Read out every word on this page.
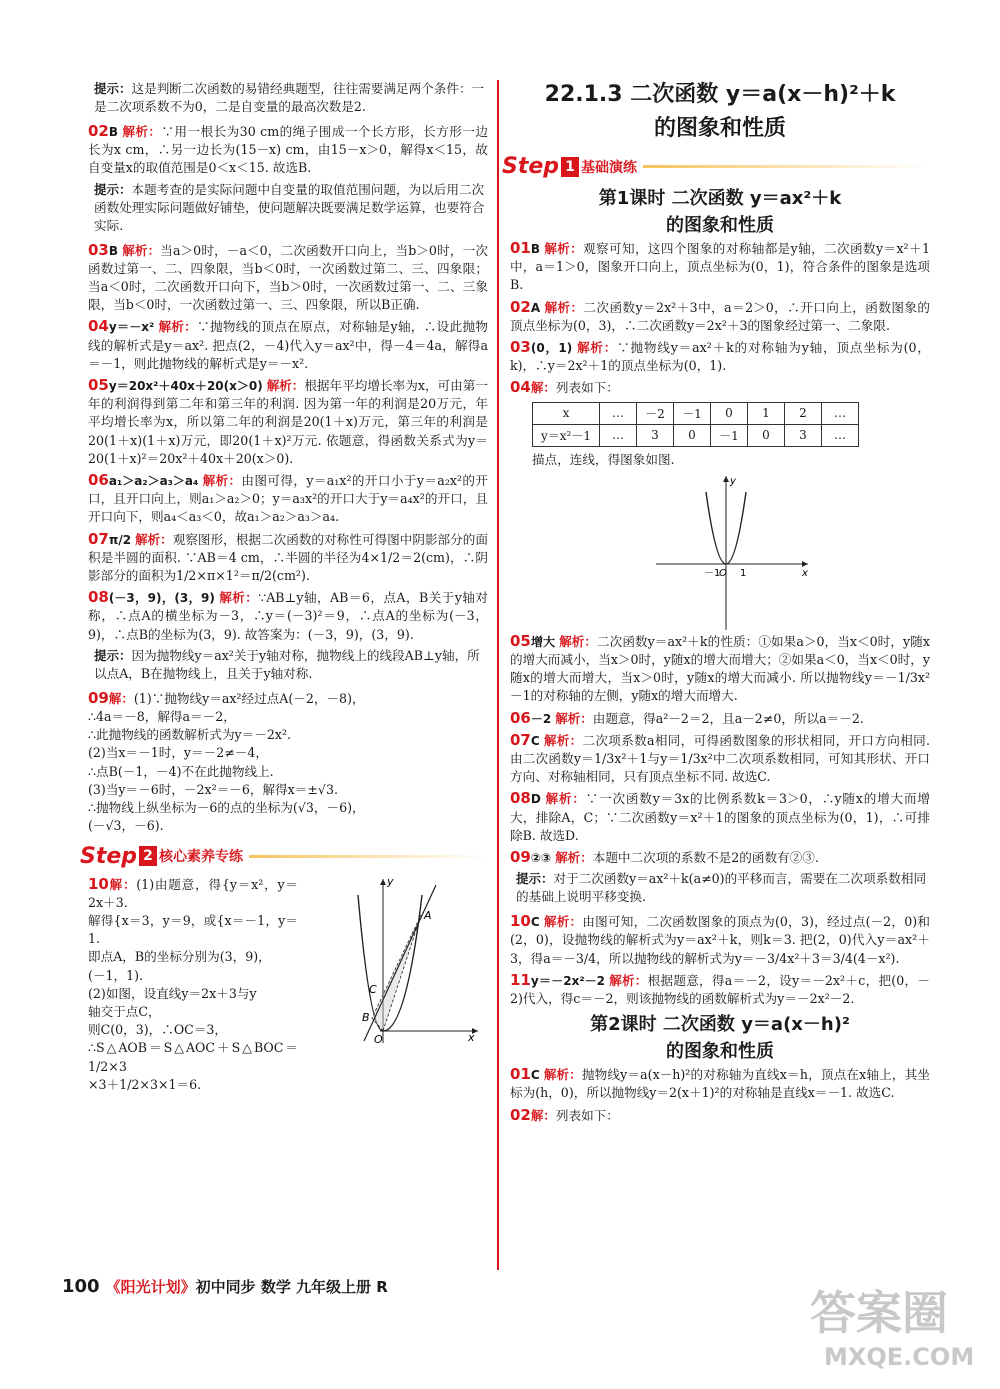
提示：这是判断二次函数的易错经典题型，往往需要满足两个条件：一是二次项系数不为0，二是自变量的最高次数是2.

02B 解析：∵用一根长为30 cm的绳子围成一个长方形，长方形一边长为x cm，∴另一边长为(15－x) cm，由15－x＞0，解得x＜15，故自变量x的取值范围是0＜x＜15. 故选B.

提示：本题考查的是实际问题中自变量的取值范围问题，为以后用二次函数处理实际问题做好铺垫，使问题解决既要满足数学运算，也要符合实际.

03B 解析：当a＞0时，－a＜0，二次函数开口向上，当b＞0时，一次函数过第一、二、四象限，当b＜0时，一次函数过第二、三、四象限；当a＜0时，二次函数开口向下，当b＞0时，一次函数过第一、二、三象限，当b＜0时，一次函数过第一、三、四象限，所以B正确.

04y＝－x² 解析：∵抛物线的顶点在原点，对称轴是y轴，∴设此抛物线的解析式是y＝ax². 把点(2，－4)代入y＝ax²中，得－4＝4a，解得a＝－1，则此抛物线的解析式是y＝－x².

05y＝20x²＋40x＋20(x＞0) 解析：根据年平均增长率为x，可由第一年的利润得到第二年和第三年的利润. 因为第一年的利润是20万元，年平均增长率为x，所以第二年的利润是20(1＋x)万元，第三年的利润是20(1＋x)(1＋x)万元，即20(1＋x)²万元. 依题意，得函数关系式为y＝20(1＋x)²＝20x²＋40x＋20(x＞0).

06a₁＞a₂＞a₃＞a₄ 解析：由图可得，y＝a₁x²的开口小于y＝a₂x²的开口，且开口向上，则a₁＞a₂＞0；y＝a₃x²的开口大于y＝a₄x²的开口，且开口向下，则a₄＜a₃＜0，故a₁＞a₂＞a₃＞a₄.

07π/2 解析：观察图形，根据二次函数的对称性可得图中阴影部分的面积是半圆的面积. ∵AB＝4 cm，∴半圆的半径为4×1/2＝2(cm)，∴阴影部分的面积为1/2×π×1²＝π/2(cm²).

08(－3，9)，(3，9) 解析：∵AB⊥y轴，AB＝6，点A，B关于y轴对称，∴点A的横坐标为－3，∴y＝(－3)²＝9，∴点A的坐标为(－3，9)，∴点B的坐标为(3，9). 故答案为：(－3，9)，(3，9).

提示：因为抛物线y＝ax²关于y轴对称，抛物线上的线段AB⊥y轴，所以点A，B在抛物线上，且关于y轴对称.

09解：(1)∵抛物线y＝ax²经过点A(－2，－8)，
∴4a＝－8，解得a＝－2，
∴此抛物线的函数解析式为y＝－2x².
(2)当x＝－1时，y＝－2≠－4，
∴点B(－1，－4)不在此抛物线上.
(3)当y＝－6时，－2x²＝－6，解得x＝±√3.
∴抛物线上纵坐标为－6的点的坐标为(√3，－6)，
(－√3，－6).
Step 2 核心素养专练
10解：(1)由题意，得{y＝x²，y＝2x＋3.
解得{x＝3，y＝9，或{x＝－1，y＝1.
即点A，B的坐标分别为(3，9)，
(－1，1).
(2)如图，设直线y＝2x＋3与y
轴交于点C，
则C(0，3)，∴OC＝3，
∴S△AOB＝S△AOC＋S△BOC＝1/2×3
×3＋1/2×3×1＝6.
A
B
C
O	x
y
22.1.3 二次函数 y＝a(x－h)²＋k
的图象和性质
Step 1 基础演练
第1课时 二次函数 y＝ax²＋k
的图象和性质

01B 解析：观察可知，这四个图象的对称轴都是y轴，二次函数y＝x²＋1中，a＝1＞0，图象开口向上，顶点坐标为(0，1)，符合条件的图象是选项B.

02A 解析：二次函数y＝2x²＋3中，a＝2＞0，∴开口向上，函数图象的顶点坐标为(0，3)，∴二次函数y＝2x²＋3的图象经过第一、二象限.

03(0，1) 解析：∵抛物线y＝ax²＋k的对称轴为y轴，顶点坐标为(0，k)，∴y＝2x²＋1的顶点坐标为(0，1).

04解：列表如下：

x	…	－2	－1	0	1	2	…
y＝x²－1	…	3	0	－1	0	3	…

描点，连线，得图象如图.

－1
O 1	x
y

05增大 解析：二次函数y＝ax²＋k的性质：①如果a＞0，当x＜0时，y随x的增大而减小，当x＞0时，y随x的增大而增大；②如果a＜0，当x＜0时，y随x的增大而增大，当x＞0时，y随x的增大而减小. 所以抛物线y＝－1/3x²－1的对称轴的左侧，y随x的增大而增大.

06－2 解析：由题意，得a²－2＝2，且a－2≠0，所以a＝－2.

07C 解析：二次项系数a相同，可得函数图象的形状相同，开口方向相同. 由二次函数y＝1/3x²＋1与y＝1/3x²中二次项系数相同，可知其形状、开口方向、对称轴相同，只有顶点坐标不同. 故选C.

08D 解析：∵一次函数y＝3x的比例系数k＝3＞0，∴y随x的增大而增大，排除A，C；∵二次函数y＝x²＋1的图象的顶点坐标为(0，1)，∴可排除B. 故选D.

09②③ 解析：本题中二次项的系数不是2的函数有②③.

提示：对于二次函数y＝ax²＋k(a≠0)的平移而言，需要在二次项系数相同的基础上说明平移变换.

10C 解析：由图可知，二次函数图象的顶点为(0，3)，经过点(－2，0)和(2，0)，设抛物线的解析式为y＝ax²＋k，则k＝3. 把(2，0)代入y＝ax²＋3，得a＝－3/4，所以抛物线的解析式为y＝－3/4x²＋3＝3/4(4－x²).

11y＝－2x²－2 解析：根据题意，得a＝－2，设y＝－2x²＋c，把(0，－2)代入，得c＝－2，则该抛物线的函数解析式为y＝－2x²－2.

第2课时 二次函数 y＝a(x－h)²
的图象和性质

01C 解析：抛物线y＝a(x－h)²的对称轴为直线x＝h，顶点在x轴上，其坐标为(h，0)，所以抛物线y＝2(x＋1)²的对称轴是直线x＝－1. 故选C.

02解：列表如下：

100 《阳光计划》初中同步 数学 九年级上册 R	答案圈
MXQE.COM
